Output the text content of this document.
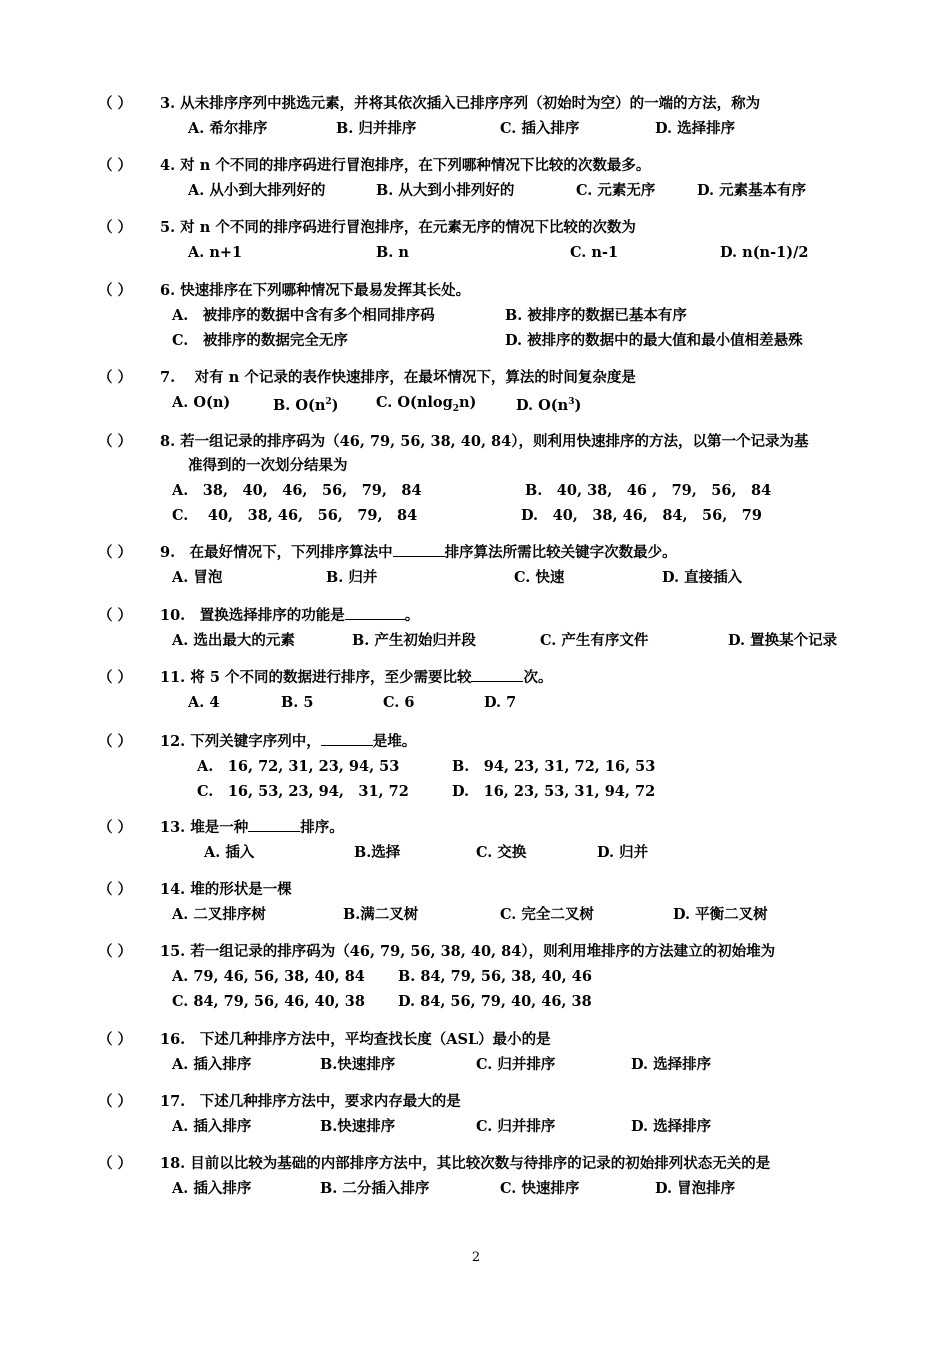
（ ） 3. 从未排序序列中挑选元素，并将其依次插入已排序序列（初始时为空）的一端的方法，称为
A. 希尔排序	B. 归并排序	C. 插入排序	D. 选择排序
（ ） 4. 对 n 个不同的排序码进行冒泡排序，在下列哪种情况下比较的次数最多。
A. 从小到大排列好的	B. 从大到小排列好的	C. 元素无序	D. 元素基本有序
（ ） 5. 对 n 个不同的排序码进行冒泡排序，在元素无序的情况下比较的次数为
A. n+1	B. n	C. n-1	D. n(n-1)/2
（ ） 6. 快速排序在下列哪种情况下最易发挥其长处。
A.　被排序的数据中含有多个相同排序码	B. 被排序的数据已基本有序
C.　被排序的数据完全无序	D. 被排序的数据中的最大值和最小值相差悬殊
（ ） 7.　 对有 n 个记录的表作快速排序，在最坏情况下，算法的时间复杂度是
A. O(n)	B. $O(n^2)$	C. O(nlog$_2$n)	D. $O(n^3)$
（ ） 8. 若一组记录的排序码为（46, 79, 56, 38, 40, 84），则利用快速排序的方法，以第一个记录为基
准得到的一次划分结果为
A.　38,　40,　46,　56,　79,　84	B.　40, 38,　46 ,　79,　56,　84
C.　 40,　38, 46,　56,　79,　84	D.　40,　38, 46,　84,　56,　79
（ ） 9.　在最好情况下，下列排序算法中	排序算法所需比较关键字次数最少。
A. 冒泡	B. 归并	C. 快速	D. 直接插入
（ ） 10.　置换选择排序的功能是	。
A. 选出最大的元素	B. 产生初始归并段	C. 产生有序文件	D. 置换某个记录
（ ） 11. 将 5 个不同的数据进行排序，至少需要比较	次。
A. 4	B. 5	C. 6	D. 7
（ ） 12. 下列关键字序列中，	是堆。
A.　16, 72, 31, 23, 94, 53	B.　94, 23, 31, 72, 16, 53
C.　16, 53, 23, 94,　31, 72	D.　16, 23, 53, 31, 94, 72
（ ） 13. 堆是一种	排序。
A. 插入	B.选择	C. 交换	D. 归并
（ ） 14. 堆的形状是一棵
A. 二叉排序树	B.满二叉树	C. 完全二叉树	D. 平衡二叉树
（ ） 15. 若一组记录的排序码为（46, 79, 56, 38, 40, 84），则利用堆排序的方法建立的初始堆为
A. 79, 46, 56, 38, 40, 84 B. 84, 79, 56, 38, 40, 46
C. 84, 79, 56, 46, 40, 38 D. 84, 56, 79, 40, 46, 38
（ ） 16.　下述几种排序方法中，平均查找长度（ASL）最小的是
A. 插入排序	B.快速排序	C. 归并排序	D. 选择排序
（ ） 17.　下述几种排序方法中，要求内存最大的是
A. 插入排序	B.快速排序	C. 归并排序	D. 选择排序
（ ） 18. 目前以比较为基础的内部排序方法中，其比较次数与待排序的记录的初始排列状态无关的是
A. 插入排序	B. 二分插入排序	C. 快速排序	D. 冒泡排序
2
